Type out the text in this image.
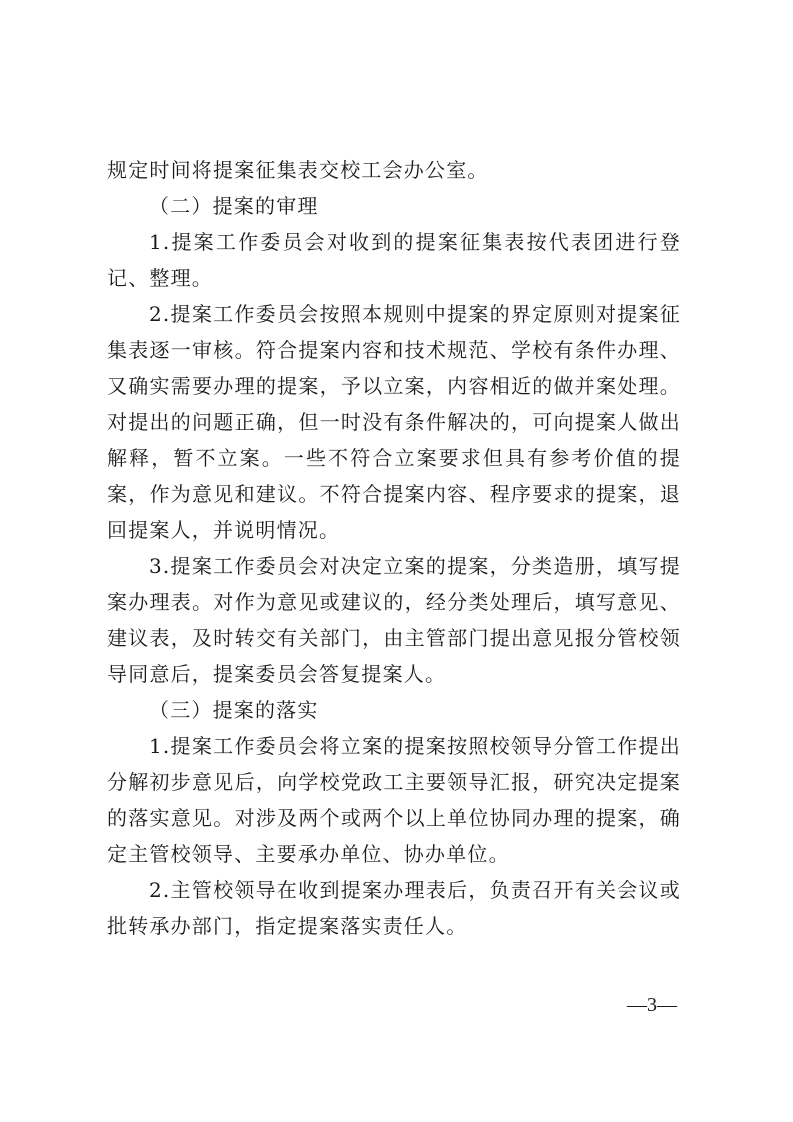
规定时间将提案征集表交校工会办公室。

（二）提案的审理

1.提案工作委员会对收到的提案征集表按代表团进行登记、整理。

2.提案工作委员会按照本规则中提案的界定原则对提案征集表逐一审核。符合提案内容和技术规范、学校有条件办理、又确实需要办理的提案，予以立案，内容相近的做并案处理。对提出的问题正确，但一时没有条件解决的，可向提案人做出解释，暂不立案。一些不符合立案要求但具有参考价值的提案，作为意见和建议。不符合提案内容、程序要求的提案，退回提案人，并说明情况。

3.提案工作委员会对决定立案的提案，分类造册，填写提案办理表。对作为意见或建议的，经分类处理后，填写意见、建议表，及时转交有关部门，由主管部门提出意见报分管校领导同意后，提案委员会答复提案人。

（三）提案的落实

1.提案工作委员会将立案的提案按照校领导分管工作提出分解初步意见后，向学校党政工主要领导汇报，研究决定提案的落实意见。对涉及两个或两个以上单位协同办理的提案，确定主管校领导、主要承办单位、协办单位。

2.主管校领导在收到提案办理表后，负责召开有关会议或批转承办部门，指定提案落实责任人。

—3—
